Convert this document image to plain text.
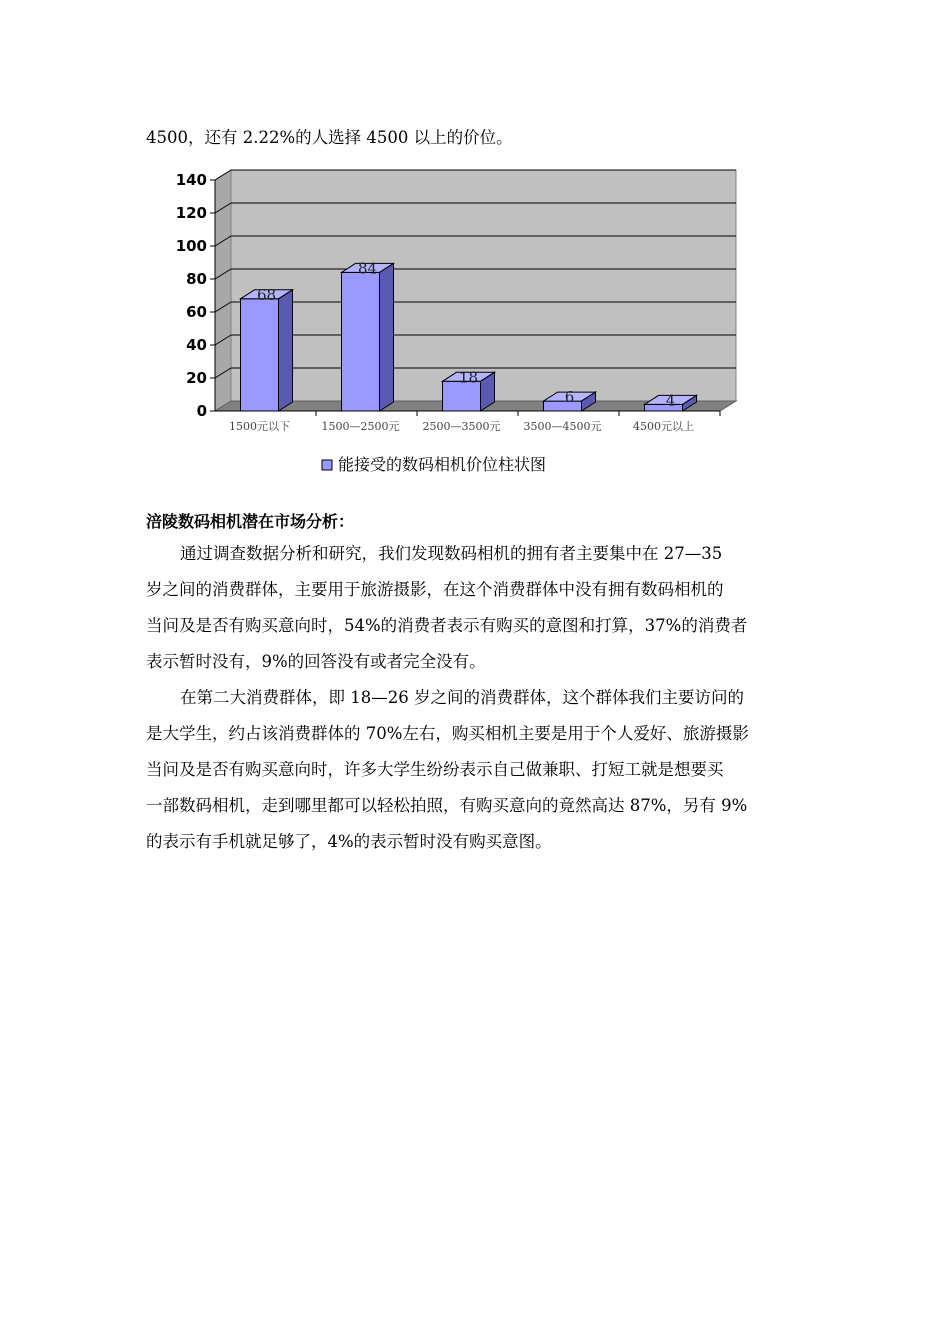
4500，还有 2.22%的人选择 4500 以上的价位。
0
20
40
60
80
100
120
140
68
1500元以下
84
1500—2500元
18
2500—3500元
6
3500—4500元
4
4500元以上
能接受的数码相机价位柱状图
涪陵数码相机潜在市场分析：
通过调查数据分析和研究，我们发现数码相机的拥有者主要集中在 27—35
岁之间的消费群体，主要用于旅游摄影，在这个消费群体中没有拥有数码相机的
当问及是否有购买意向时，54%的消费者表示有购买的意图和打算，37%的消费者
表示暂时没有，9%的回答没有或者完全没有。
在第二大消费群体，即 18—26 岁之间的消费群体，这个群体我们主要访问的
是大学生，约占该消费群体的 70%左右，购买相机主要是用于个人爱好、旅游摄影
当问及是否有购买意向时，许多大学生纷纷表示自己做兼职、打短工就是想要买
一部数码相机，走到哪里都可以轻松拍照，有购买意向的竟然高达 87%，另有 9%
的表示有手机就足够了，4%的表示暂时没有购买意图。
